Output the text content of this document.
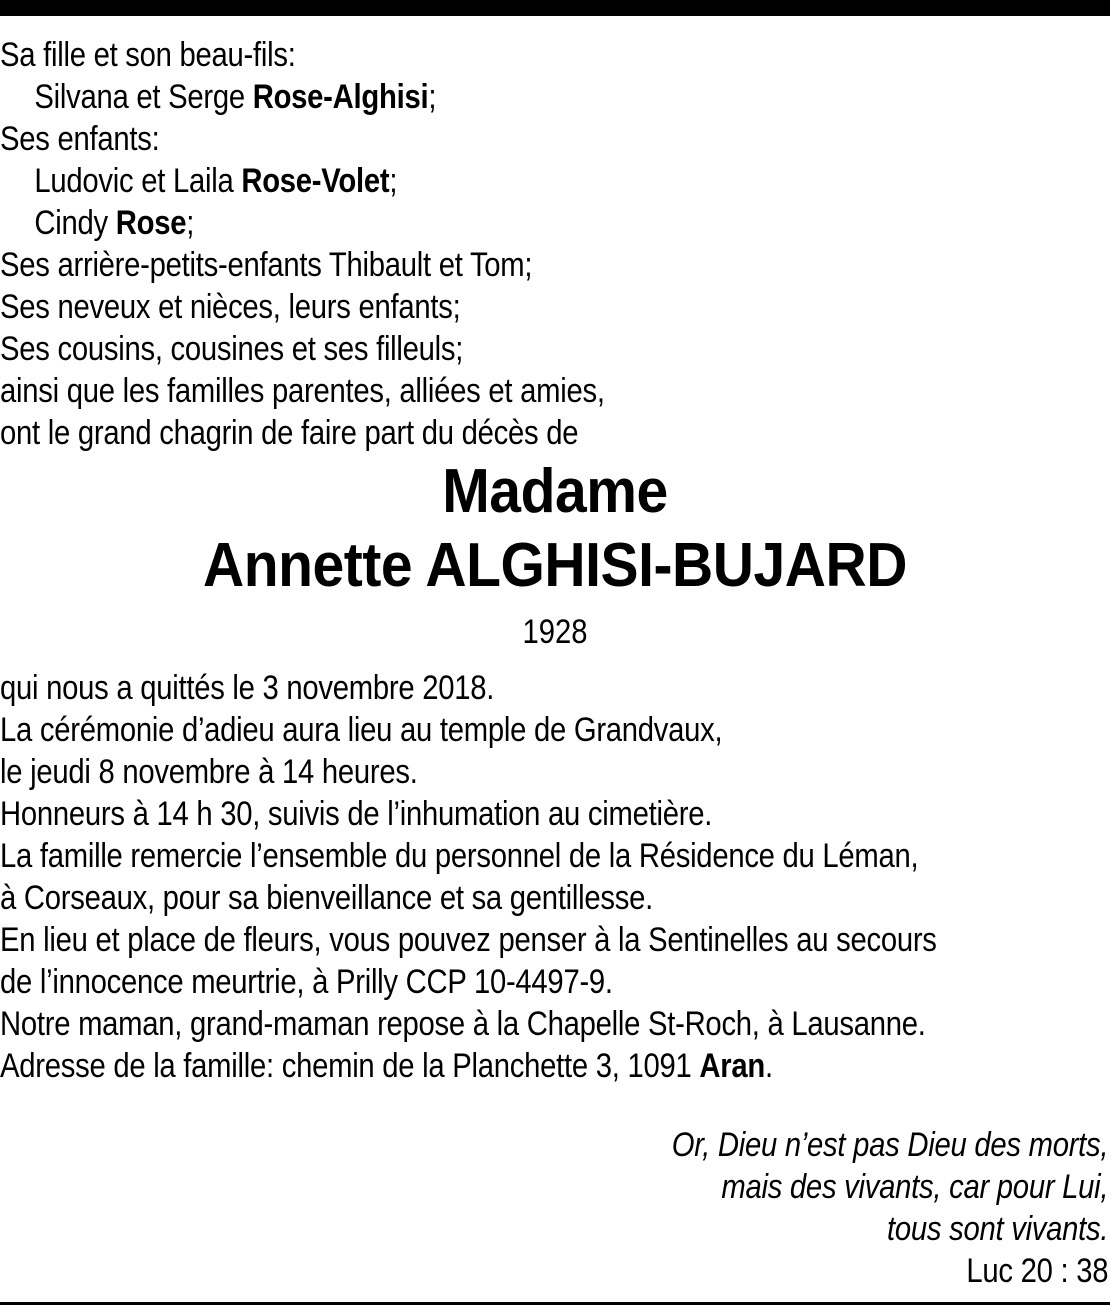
Sa fille et son beau-fils:
Silvana et Serge Rose-Alghisi;
Ses enfants:
Ludovic et Laila Rose-Volet;
Cindy Rose;
Ses arrière-petits-enfants Thibault et Tom;
Ses neveux et nièces, leurs enfants;
Ses cousins, cousines et ses filleuls;
ainsi que les familles parentes, alliées et amies,
ont le grand chagrin de faire part du décès de
Madame
Annette ALGHISI-BUJARD
1928
qui nous a quittés le 3 novembre 2018.
La cérémonie d’adieu aura lieu au temple de Grandvaux,
le jeudi 8 novembre à 14 heures.
Honneurs à 14 h 30, suivis de l’inhumation au cimetière.
La famille remercie l’ensemble du personnel de la Résidence du Léman,
à Corseaux, pour sa bienveillance et sa gentillesse.
En lieu et place de fleurs, vous pouvez penser à la Sentinelles au secours
de l’innocence meurtrie, à Prilly CCP 10-4497-9.
Notre maman, grand-maman repose à la Chapelle St-Roch, à Lausanne.
Adresse de la famille: chemin de la Planchette 3, 1091 Aran.
Or, Dieu n’est pas Dieu des morts,
mais des vivants, car pour Lui,
tous sont vivants.
Luc 20 : 38
